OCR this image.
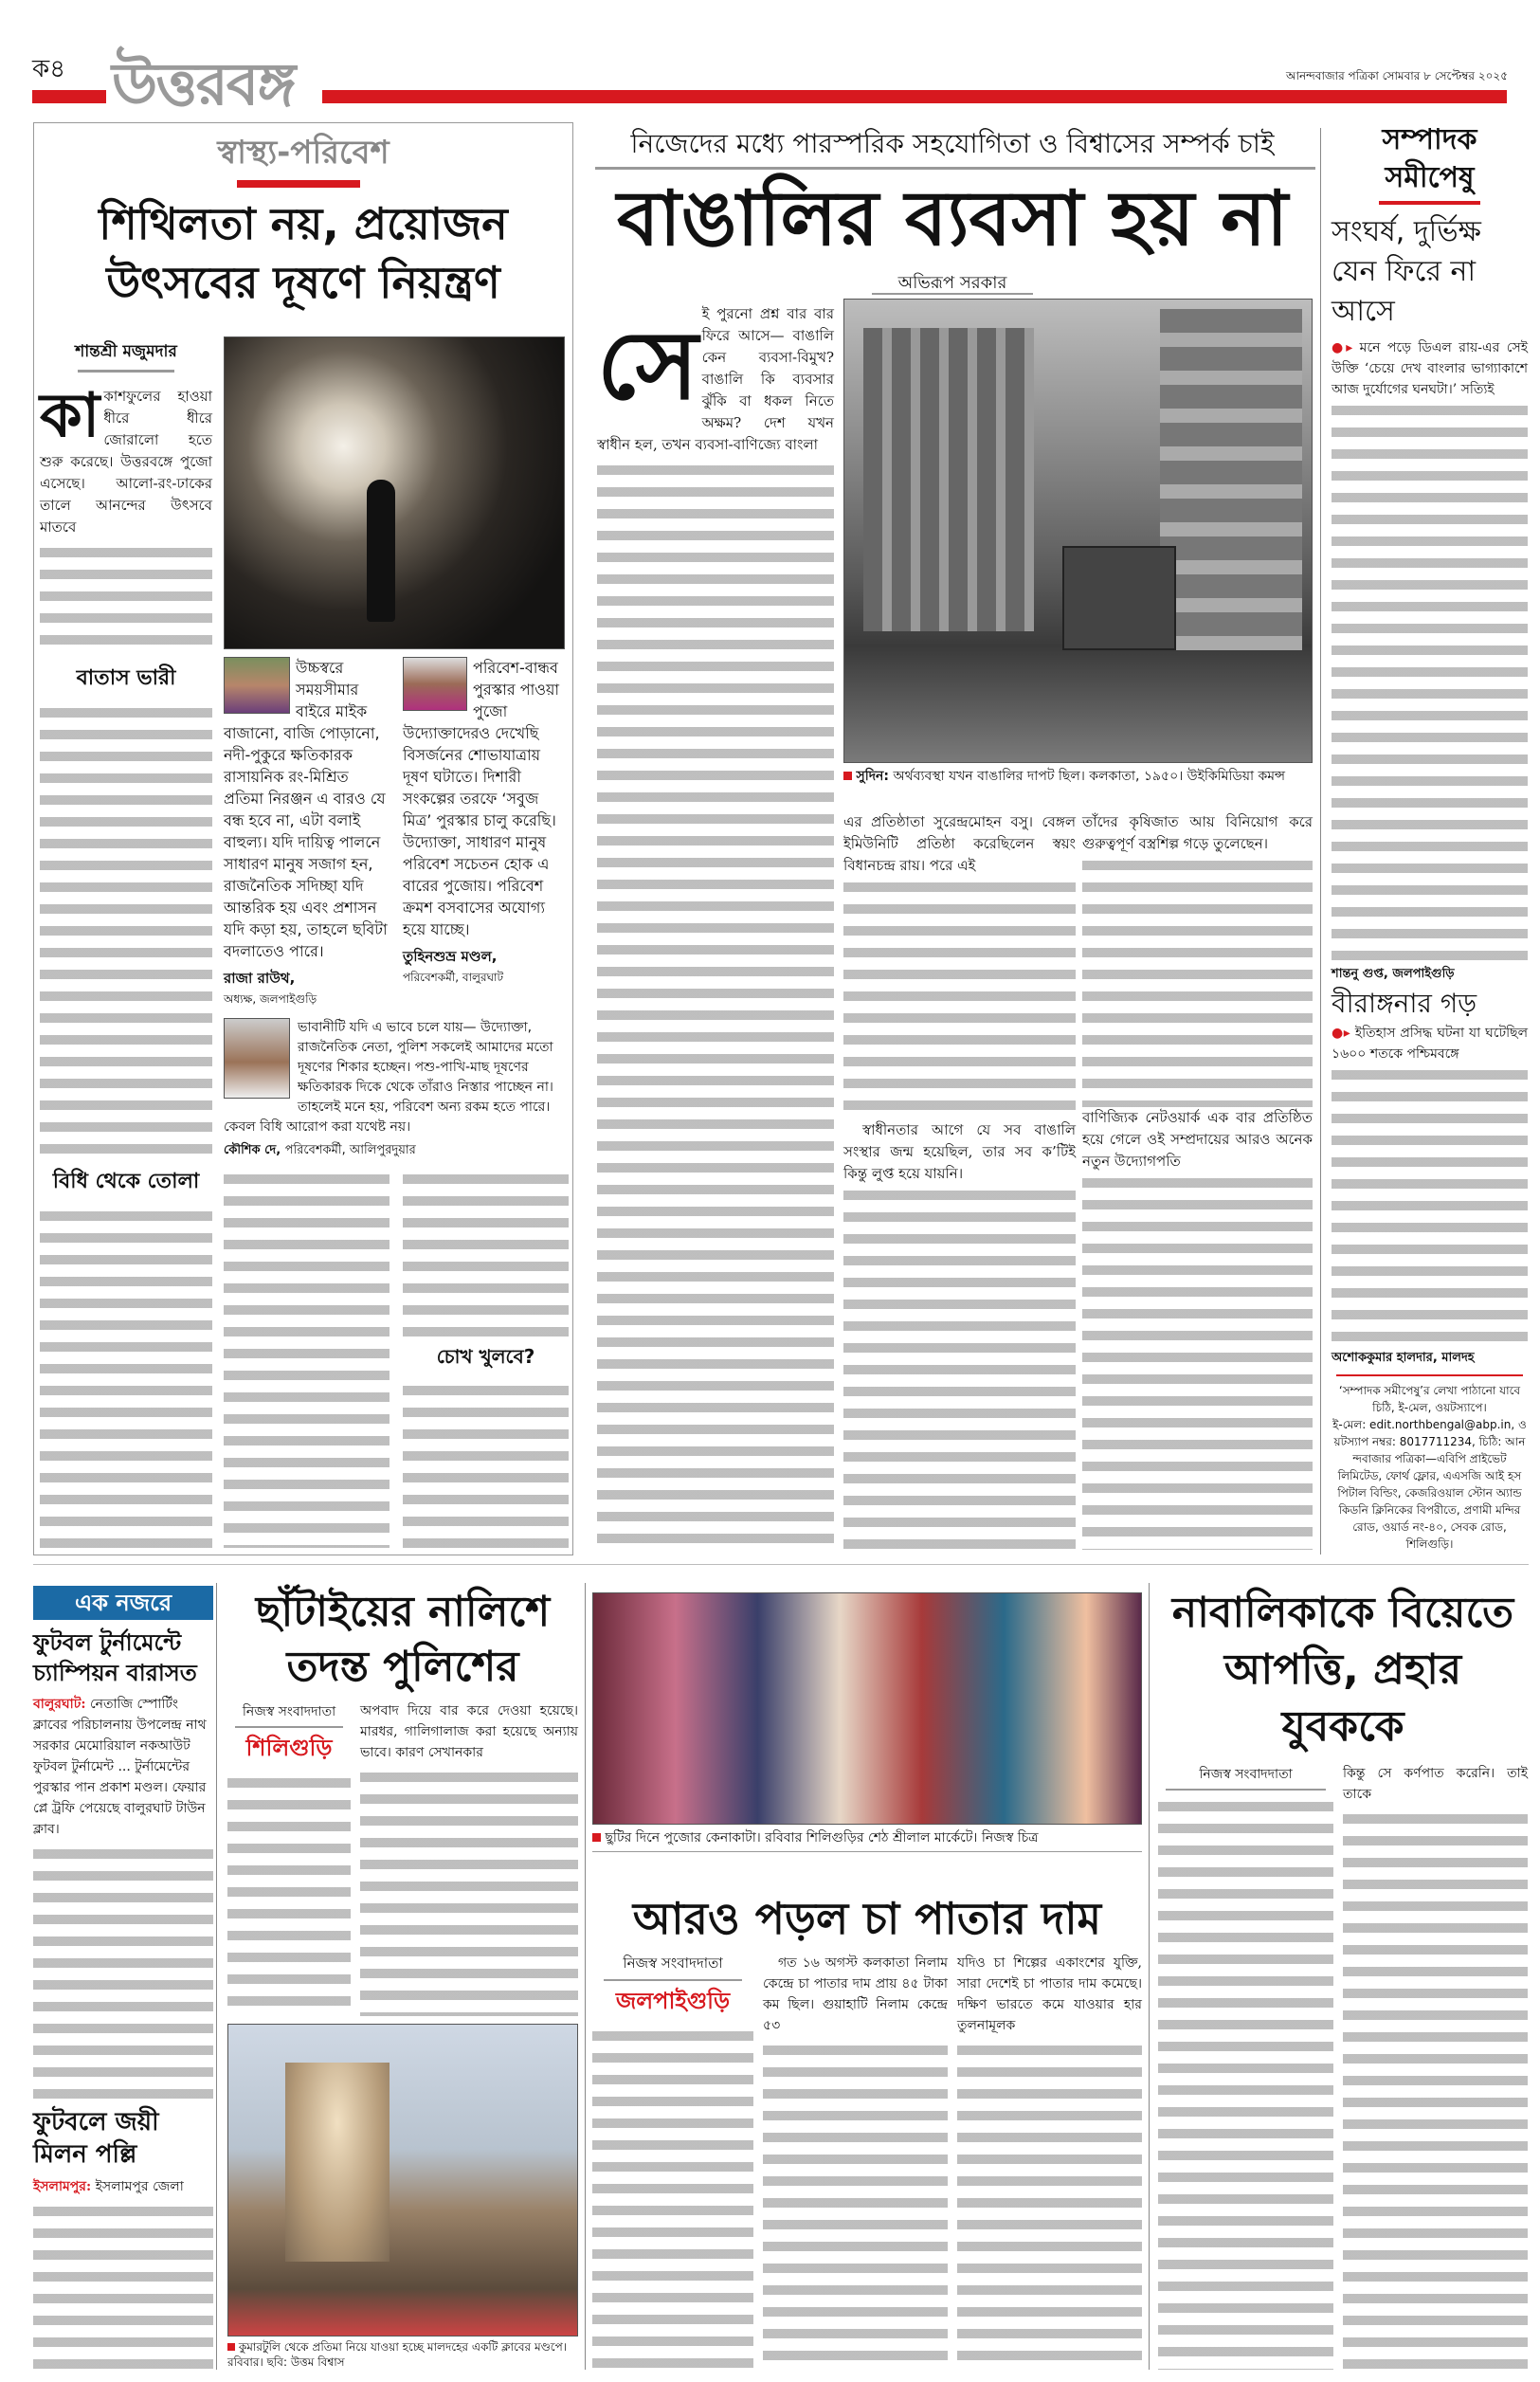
ক৪ উত্তরবঙ্গ	আনন্দবাজার পত্রিকা সোমবার ৮ সেপ্টেম্বর ২০২৫
স্বাস্থ্য-পরিবেশ
শিথিলতা নয়, প্রয়োজন উৎসবের দূষণে নিয়ন্ত্রণ
শান্তশ্রী মজুমদার
কা কাশফুলের হাওয়া ধীরে ধীরে জোরালো হতে শুরু করেছে। উত্তরবঙ্গে পুজো এসেছে। আলো-রং-ঢাকের তালে আনন্দের উৎসবে মাতবে
বাতাস ভারী
বিধি থেকে তোলা
উচ্চস্বরে সময়সীমার বাইরে মাইক বাজানো, বাজি পোড়ানো, নদী-পুকুরে ক্ষতিকারক রাসায়নিক রং-মিশ্রিত প্রতিমা নিরঞ্জন এ বারও যে বন্ধ হবে না, এটা বলাই বাহুল্য। যদি দায়িত্ব পালনে সাধারণ মানুষ সজাগ হন, রাজনৈতিক সদিচ্ছা যদি আন্তরিক হয় এবং প্রশাসন যদি কড়া হয়, তাহলে ছবিটা বদলাতেও পারে।
রাজা রাউথ,
অধ্যক্ষ, জলপাইগুড়ি
পরিবেশ-বান্ধব পুরস্কার পাওয়া পুজো উদ্যোক্তাদেরও দেখেছি বিসর্জনের শোভাযাত্রায় দূষণ ঘটাতে। দিশারী সংকল্পের তরফে ‘সবুজ মিত্র’ পুরস্কার চালু করেছি। উদ্যোক্তা, সাধারণ মানুষ পরিবেশ সচেতন হোক এ বারের পুজোয়। পরিবেশ ক্রমশ বসবাসের অযোগ্য হয়ে যাচ্ছে।
তুহিনশুভ্র মণ্ডল,
পরিবেশকর্মী, বালুরঘাট
ভাবানীটি যদি এ ভাবে চলে যায়— উদ্যোক্তা, রাজনৈতিক নেতা, পুলিশ সকলেই আমাদের মতো দূষণের শিকার হচ্ছেন। পশু-পাখি-মাছ দূষণের ক্ষতিকারক দিকে থেকে তাঁরাও নিস্তার পাচ্ছেন না। তাহলেই মনে হয়, পরিবেশ অন্য রকম হতে পারে। কেবল বিধি আরোপ করা যথেষ্ট নয়।
কৌশিক দে, পরিবেশকর্মী, আলিপুরদুয়ার
চোখ খুলবে?
নিজেদের মধ্যে পারস্পরিক সহযোগিতা ও বিশ্বাসের সম্পর্ক চাই
বাঙালির ব্যবসা হয় না
অভিরূপ সরকার
সে ই পুরনো প্রশ্ন বার বার ফিরে আসে— বাঙালি কেন ব্যবসা-বিমুখ? বাঙালি কি ব্যবসার ঝুঁকি বা ধকল নিতে অক্ষম? দেশ যখন স্বাধীন হল, তখন ব্যবসা-বাণিজ্যে বাংলা
সুদিন: অর্থব্যবস্থা যখন বাঙালির দাপট ছিল। কলকাতা, ১৯৫০। উইকিমিডিয়া কমন্স
এর প্রতিষ্ঠাতা সুরেন্দ্রমোহন বসু। বেঙ্গল ইমিউনিটি প্রতিষ্ঠা করেছিলেন স্বয়ং বিধানচন্দ্র রায়। পরে এই
স্বাধীনতার আগে যে সব বাঙালি সংস্থার জন্ম হয়েছিল, তার সব ক’টিই কিন্তু লুপ্ত হয়ে যায়নি।
তাঁদের কৃষিজাত আয় বিনিয়োগ করে গুরুত্বপূর্ণ বস্ত্রশিল্প গড়ে তুলেছেন।
বাণিজ্যিক নেটওয়ার্ক এক বার প্রতিষ্ঠিত হয়ে গেলে ওই সম্প্রদায়ের আরও অনেক নতুন উদ্যোগপতি
সম্পাদক
সমীপেষু
সংঘর্ষ, দুর্ভিক্ষ যেন ফিরে না আসে
●▸ মনে পড়ে ডিএল রায়-এর সেই উক্তি ‘চেয়ে দেখ বাংলার ভাগ্যাকাশে আজ দুর্যোগের ঘনঘটা।’ সত্যিই
শান্তনু গুপ্ত, জলপাইগুড়ি
বীরাঙ্গনার গড়
●▸ ইতিহাস প্রসিদ্ধ ঘটনা যা ঘটেছিল ১৬০০ শতকে পশ্চিমবঙ্গে
অশোককুমার হালদার, মালদহ
‘সম্পাদক সমীপেষু’র লেখা পাঠানো যাবে চিঠি, ই-মেল, ওয়টস্যাপে।
ই-মেল: edit.northbengal@abp.in, ওয়টস্যাপ নম্বর: 8017711234, চিঠি: আনন্দবাজার পত্রিকা—এবিপি প্রাইভেট লিমিটেড, ফোর্থ ফ্লোর, এএসজি আই হসপিটাল বিল্ডিং, কেজরিওয়াল স্টোন অ্যান্ড কিডনি ক্লিনিকের বিপরীতে, প্রণামী মন্দির রোড, ওয়ার্ড নং-৪০, সেবক রোড, শিলিগুড়ি।
এক নজরে
ফুটবল টুর্নামেন্টে চ্যাম্পিয়ন বারাসত
বালুরঘাট: নেতাজি স্পোর্টিং ক্লাবের পরিচালনায় উপলেন্দ্র নাথ সরকার মেমোরিয়াল নকআউট ফুটবল টুর্নামেন্ট ... টুর্নামেন্টের পুরস্কার পান প্রকাশ মণ্ডল। ফেয়ার প্লে ট্রফি পেয়েছে বালুরঘাট টাউন ক্লাব।
ফুটবলে জয়ী মিলন পল্লি
ইসলামপুর: ইসলামপুর জেলা
ছাঁটাইয়ের নালিশে তদন্ত পুলিশের
নিজস্ব সংবাদদাতা
শিলিগুড়ি
অপবাদ দিয়ে বার করে দেওয়া হয়েছে। মারধর, গালিগালাজ করা হয়েছে অন্যায় ভাবে। কারণ সেখানকার
কুমারটুলি থেকে প্রতিমা নিয়ে যাওয়া হচ্ছে মালদহের একটি ক্লাবের মণ্ডপে। রবিবার। ছবি: উত্তম বিশ্বাস
ছুটির দিনে পুজোর কেনাকাটা। রবিবার শিলিগুড়ির শেঠ শ্রীলাল মার্কেটে। নিজস্ব চিত্র
আরও পড়ল চা পাতার দাম
নিজস্ব সংবাদদাতা
জলপাইগুড়ি
গত ১৬ অগস্ট কলকাতা নিলাম কেন্দ্রে চা পাতার দাম প্রায় ৪৫ টাকা কম ছিল। গুয়াহাটি নিলাম কেন্দ্রে ৫৩
যদিও চা শিল্পের একাংশের যুক্তি, সারা দেশেই চা পাতার দাম কমেছে। দক্ষিণ ভারতে কমে যাওয়ার হার তুলনামূলক
নাবালিকাকে বিয়েতে আপত্তি, প্রহার যুবককে
নিজস্ব সংবাদদাতা	কিন্তু সে কর্ণপাত করেনি। তাই তাকে
